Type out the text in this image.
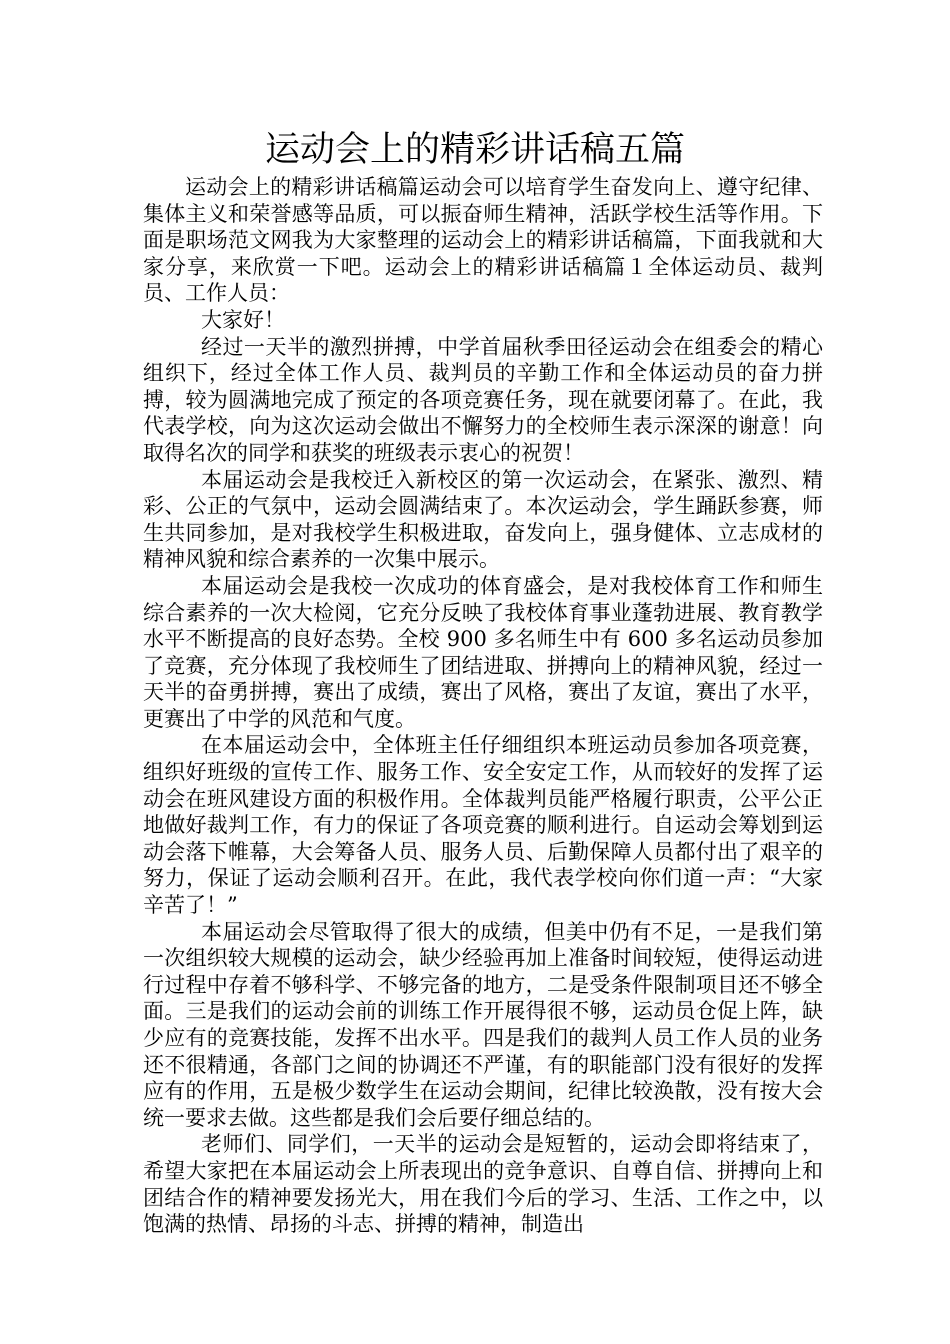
运动会上的精彩讲话稿五篇

运动会上的精彩讲话稿篇运动会可以培育学生奋发向上、遵守纪律、集体主义和荣誉感等品质，可以振奋师生精神，活跃学校生活等作用。下面是职场范文网我为大家整理的运动会上的精彩讲话稿篇，下面我就和大家分享，来欣赏一下吧。运动会上的精彩讲话稿篇１全体运动员、裁判员、工作人员：

大家好！

经过一天半的激烈拼搏，中学首届秋季田径运动会在组委会的精心组织下，经过全体工作人员、裁判员的辛勤工作和全体运动员的奋力拼搏，较为圆满地完成了预定的各项竞赛任务，现在就要闭幕了。在此，我代表学校，向为这次运动会做出不懈努力的全校师生表示深深的谢意！向取得名次的同学和获奖的班级表示衷心的祝贺！

本届运动会是我校迁入新校区的第一次运动会，在紧张、激烈、精彩、公正的气氛中，运动会圆满结束了。本次运动会，学生踊跃参赛，师生共同参加，是对我校学生积极进取，奋发向上，强身健体、立志成材的精神风貌和综合素养的一次集中展示。

本届运动会是我校一次成功的体育盛会，是对我校体育工作和师生综合素养的一次大检阅，它充分反映了我校体育事业蓬勃进展、教育教学水平不断提高的良好态势。全校 900 多名师生中有 600 多名运动员参加了竞赛，充分体现了我校师生了团结进取、拼搏向上的精神风貌，经过一天半的奋勇拼搏，赛出了成绩，赛出了风格，赛出了友谊，赛出了水平，更赛出了中学的风范和气度。

在本届运动会中，全体班主任仔细组织本班运动员参加各项竞赛，组织好班级的宣传工作、服务工作、安全安定工作，从而较好的发挥了运动会在班风建设方面的积极作用。全体裁判员能严格履行职责，公平公正地做好裁判工作，有力的保证了各项竞赛的顺利进行。自运动会筹划到运动会落下帷幕，大会筹备人员、服务人员、后勤保障人员都付出了艰辛的努力，保证了运动会顺利召开。在此，我代表学校向你们道一声：“大家辛苦了！”

本届运动会尽管取得了很大的成绩，但美中仍有不足，一是我们第一次组织较大规模的运动会，缺少经验再加上准备时间较短，使得运动进行过程中存着不够科学、不够完备的地方，二是受条件限制项目还不够全面。三是我们的运动会前的训练工作开展得很不够，运动员仓促上阵，缺少应有的竞赛技能，发挥不出水平。四是我们的裁判人员工作人员的业务还不很精通，各部门之间的协调还不严谨，有的职能部门没有很好的发挥应有的作用，五是极少数学生在运动会期间，纪律比较涣散，没有按大会统一要求去做。这些都是我们会后要仔细总结的。

老师们、同学们，一天半的运动会是短暂的，运动会即将结束了，希望大家把在本届运动会上所表现出的竞争意识、自尊自信、拼搏向上和团结合作的精神要发扬光大，用在我们今后的学习、生活、工作之中，以饱满的热情、昂扬的斗志、拼搏的精神，制造出
